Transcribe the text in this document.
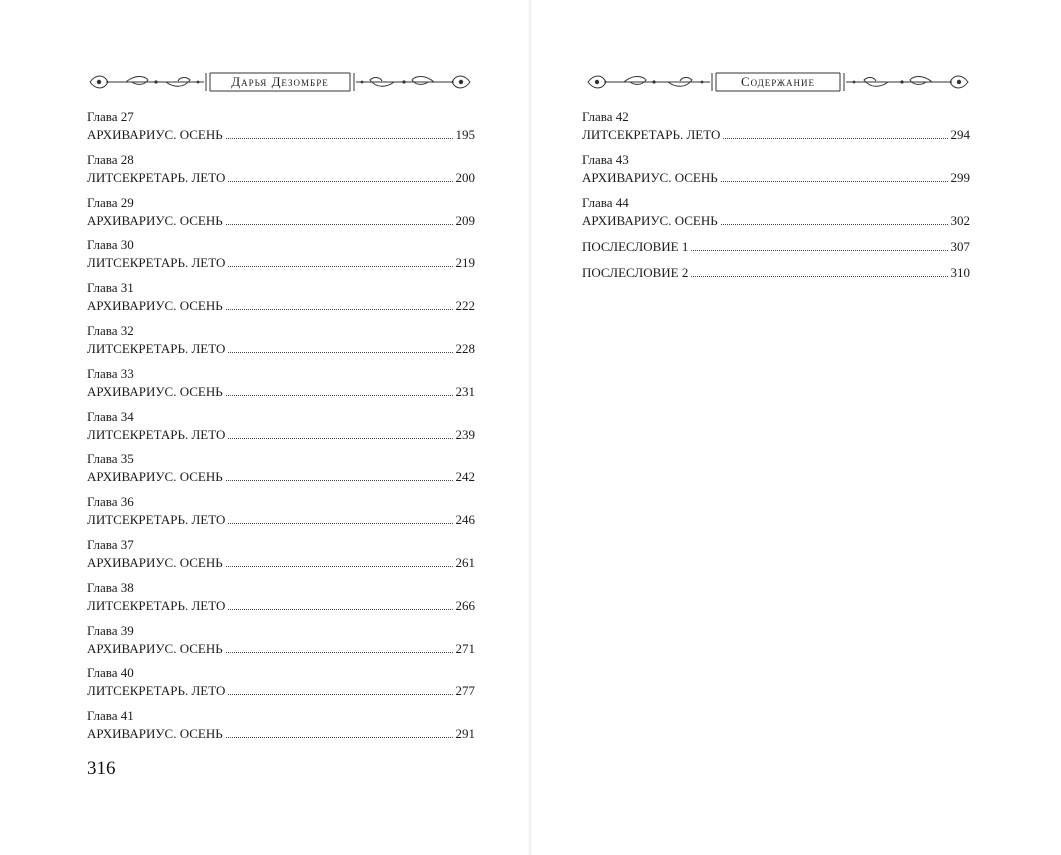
Дарья Дезомбре
Глава 27
АРХИВАРИУС. ОСЕНЬ	195
Глава 28
ЛИТСЕКРЕТАРЬ. ЛЕТО	200
Глава 29
АРХИВАРИУС. ОСЕНЬ	209
Глава 30
ЛИТСЕКРЕТАРЬ. ЛЕТО	219
Глава 31
АРХИВАРИУС. ОСЕНЬ	222
Глава 32
ЛИТСЕКРЕТАРЬ. ЛЕТО	228
Глава 33
АРХИВАРИУС. ОСЕНЬ	231
Глава 34
ЛИТСЕКРЕТАРЬ. ЛЕТО	239
Глава 35
АРХИВАРИУС. ОСЕНЬ	242
Глава 36
ЛИТСЕКРЕТАРЬ. ЛЕТО	246
Глава 37
АРХИВАРИУС. ОСЕНЬ	261
Глава 38
ЛИТСЕКРЕТАРЬ. ЛЕТО	266
Глава 39
АРХИВАРИУС. ОСЕНЬ	271
Глава 40
ЛИТСЕКРЕТАРЬ. ЛЕТО	277
Глава 41
АРХИВАРИУС. ОСЕНЬ	291
316
Содержание
Глава 42
ЛИТСЕКРЕТАРЬ. ЛЕТО	294
Глава 43
АРХИВАРИУС. ОСЕНЬ	299
Глава 44
АРХИВАРИУС. ОСЕНЬ	302
ПОСЛЕСЛОВИЕ 1	307
ПОСЛЕСЛОВИЕ 2	310
